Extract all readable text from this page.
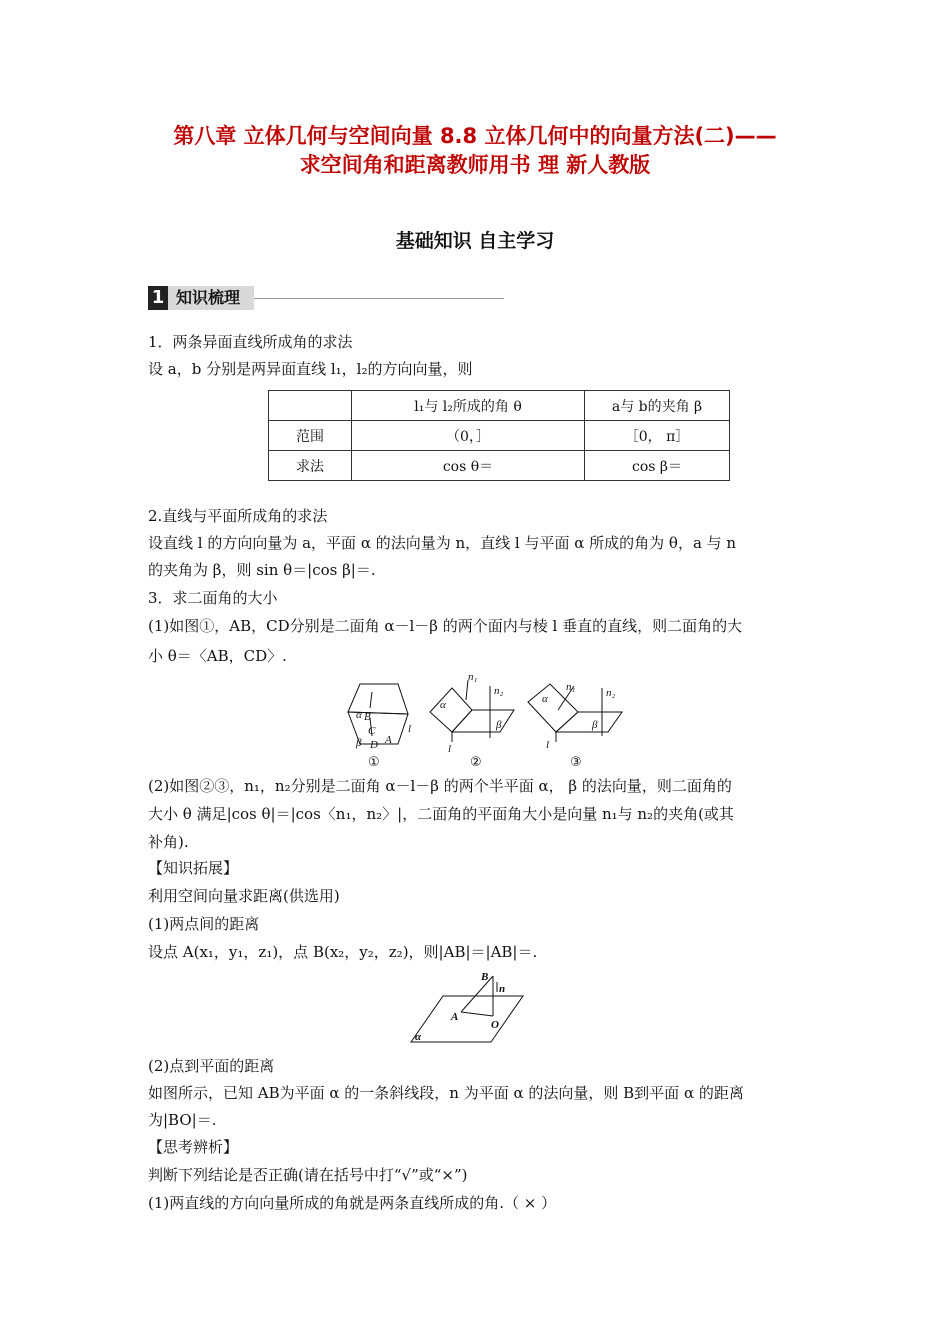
第八章 立体几何与空间向量 8.8 立体几何中的向量方法(二)——
求空间角和距离教师用书 理 新人教版
基础知识 自主学习
1 知识梳理
1．两条异面直线所成角的求法
设 a，b 分别是两异面直线 l₁，l₂的方向向量，则
	l₁与 l₂所成的角 θ	a与 b的夹角 β
范围	（0，］	［0， π］
求法	cos θ＝	cos β＝
2.直线与平面所成角的求法
设直线 l 的方向向量为 a，平面 α 的法向量为 n，直线 l 与平面 α 所成的角为 θ，a 与 n
的夹角为 β，则 sin θ＝|cos β|＝.
3．求二面角的大小
(1)如图①，AB，CD分别是二面角 α－l－β 的两个面内与棱 l 垂直的直线，则二面角的大
小 θ＝〈AB，CD〉.
α B
C
A
l
β D
n₁
n₂
α
β
l
n₁	n₂
α
β
l
①	②	③
(2)如图②③，n₁，n₂分别是二面角 α－l－β 的两个半平面 α， β 的法向量，则二面角的
大小 θ 满足|cos θ|＝|cos〈n₁，n₂〉|，二面角的平面角大小是向量 n₁与 n₂的夹角(或其
补角).
【知识拓展】
利用空间向量求距离(供选用)
(1)两点间的距离
设点 A(x₁，y₁，z₁)，点 B(x₂，y₂，z₂)，则|AB|＝|AB|＝.
B
n
A
O
α
(2)点到平面的距离
如图所示，已知 AB为平面 α 的一条斜线段，n 为平面 α 的法向量，则 B到平面 α 的距离
为|BO|＝.
【思考辨析】
判断下列结论是否正确(请在括号中打“√”或“×”)
(1)两直线的方向向量所成的角就是两条直线所成的角.（ × ）
